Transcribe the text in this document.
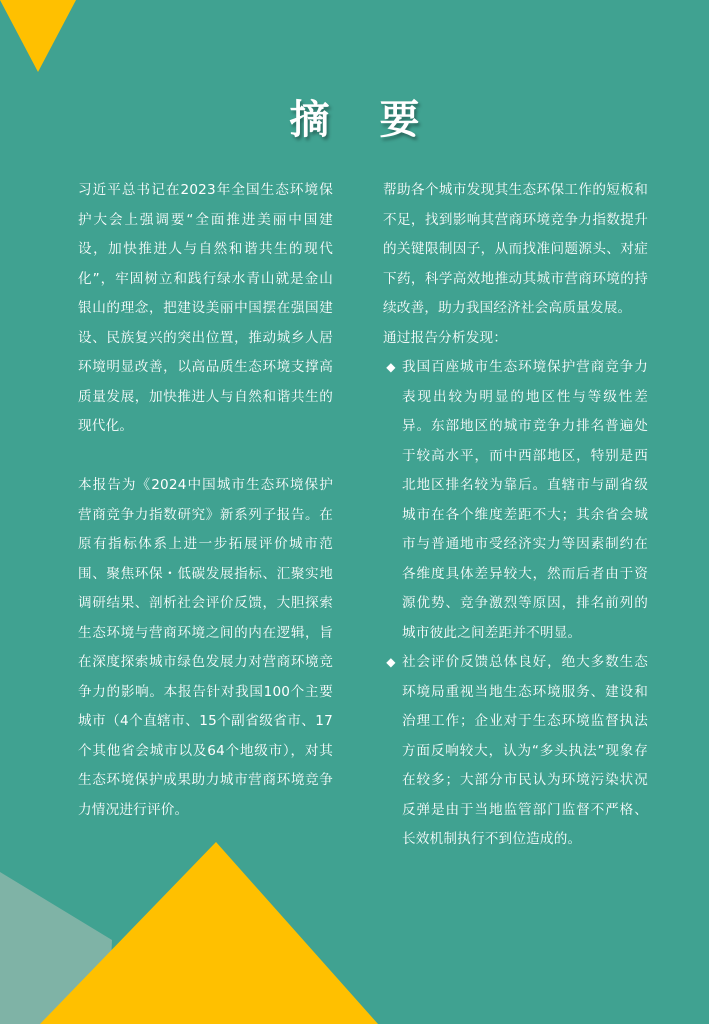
摘 要

习近平总书记在2023年全国生态环境保护大会上强调要“全面推进美丽中国建设，加快推进人与自然和谐共生的现代化”，牢固树立和践行绿水青山就是金山银山的理念，把建设美丽中国摆在强国建设、民族复兴的突出位置，推动城乡人居环境明显改善，以高品质生态环境支撑高质量发展，加快推进人与自然和谐共生的现代化。

本报告为《2024中国城市生态环境保护营商竞争力指数研究》新系列子报告。在原有指标体系上进一步拓展评价城市范围、聚焦环保・低碳发展指标、汇聚实地调研结果、剖析社会评价反馈，大胆探索生态环境与营商环境之间的内在逻辑，旨在深度探索城市绿色发展力对营商环境竞争力的影响。本报告针对我国100个主要城市（4个直辖市、15个副省级省市、17个其他省会城市以及64个地级市），对其生态环境保护成果助力城市营商环境竞争力情况进行评价。

帮助各个城市发现其生态环保工作的短板和不足，找到影响其营商环境竞争力指数提升的关键限制因子，从而找准问题源头、对症下药，科学高效地推动其城市营商环境的持续改善，助力我国经济社会高质量发展。

通过报告分析发现：

◆ 我国百座城市生态环境保护营商竞争力表现出较为明显的地区性与等级性差异。东部地区的城市竞争力排名普遍处于较高水平，而中西部地区，特别是西北地区排名较为靠后。直辖市与副省级城市在各个维度差距不大；其余省会城市与普通地市受经济实力等因素制约在各维度具体差异较大，然而后者由于资源优势、竞争激烈等原因，排名前列的城市彼此之间差距并不明显。
◆ 社会评价反馈总体良好，绝大多数生态环境局重视当地生态环境服务、建设和治理工作；企业对于生态环境监督执法方面反响较大，认为“多头执法”现象存在较多；大部分市民认为环境污染状况反弹是由于当地监管部门监督不严格、长效机制执行不到位造成的。
